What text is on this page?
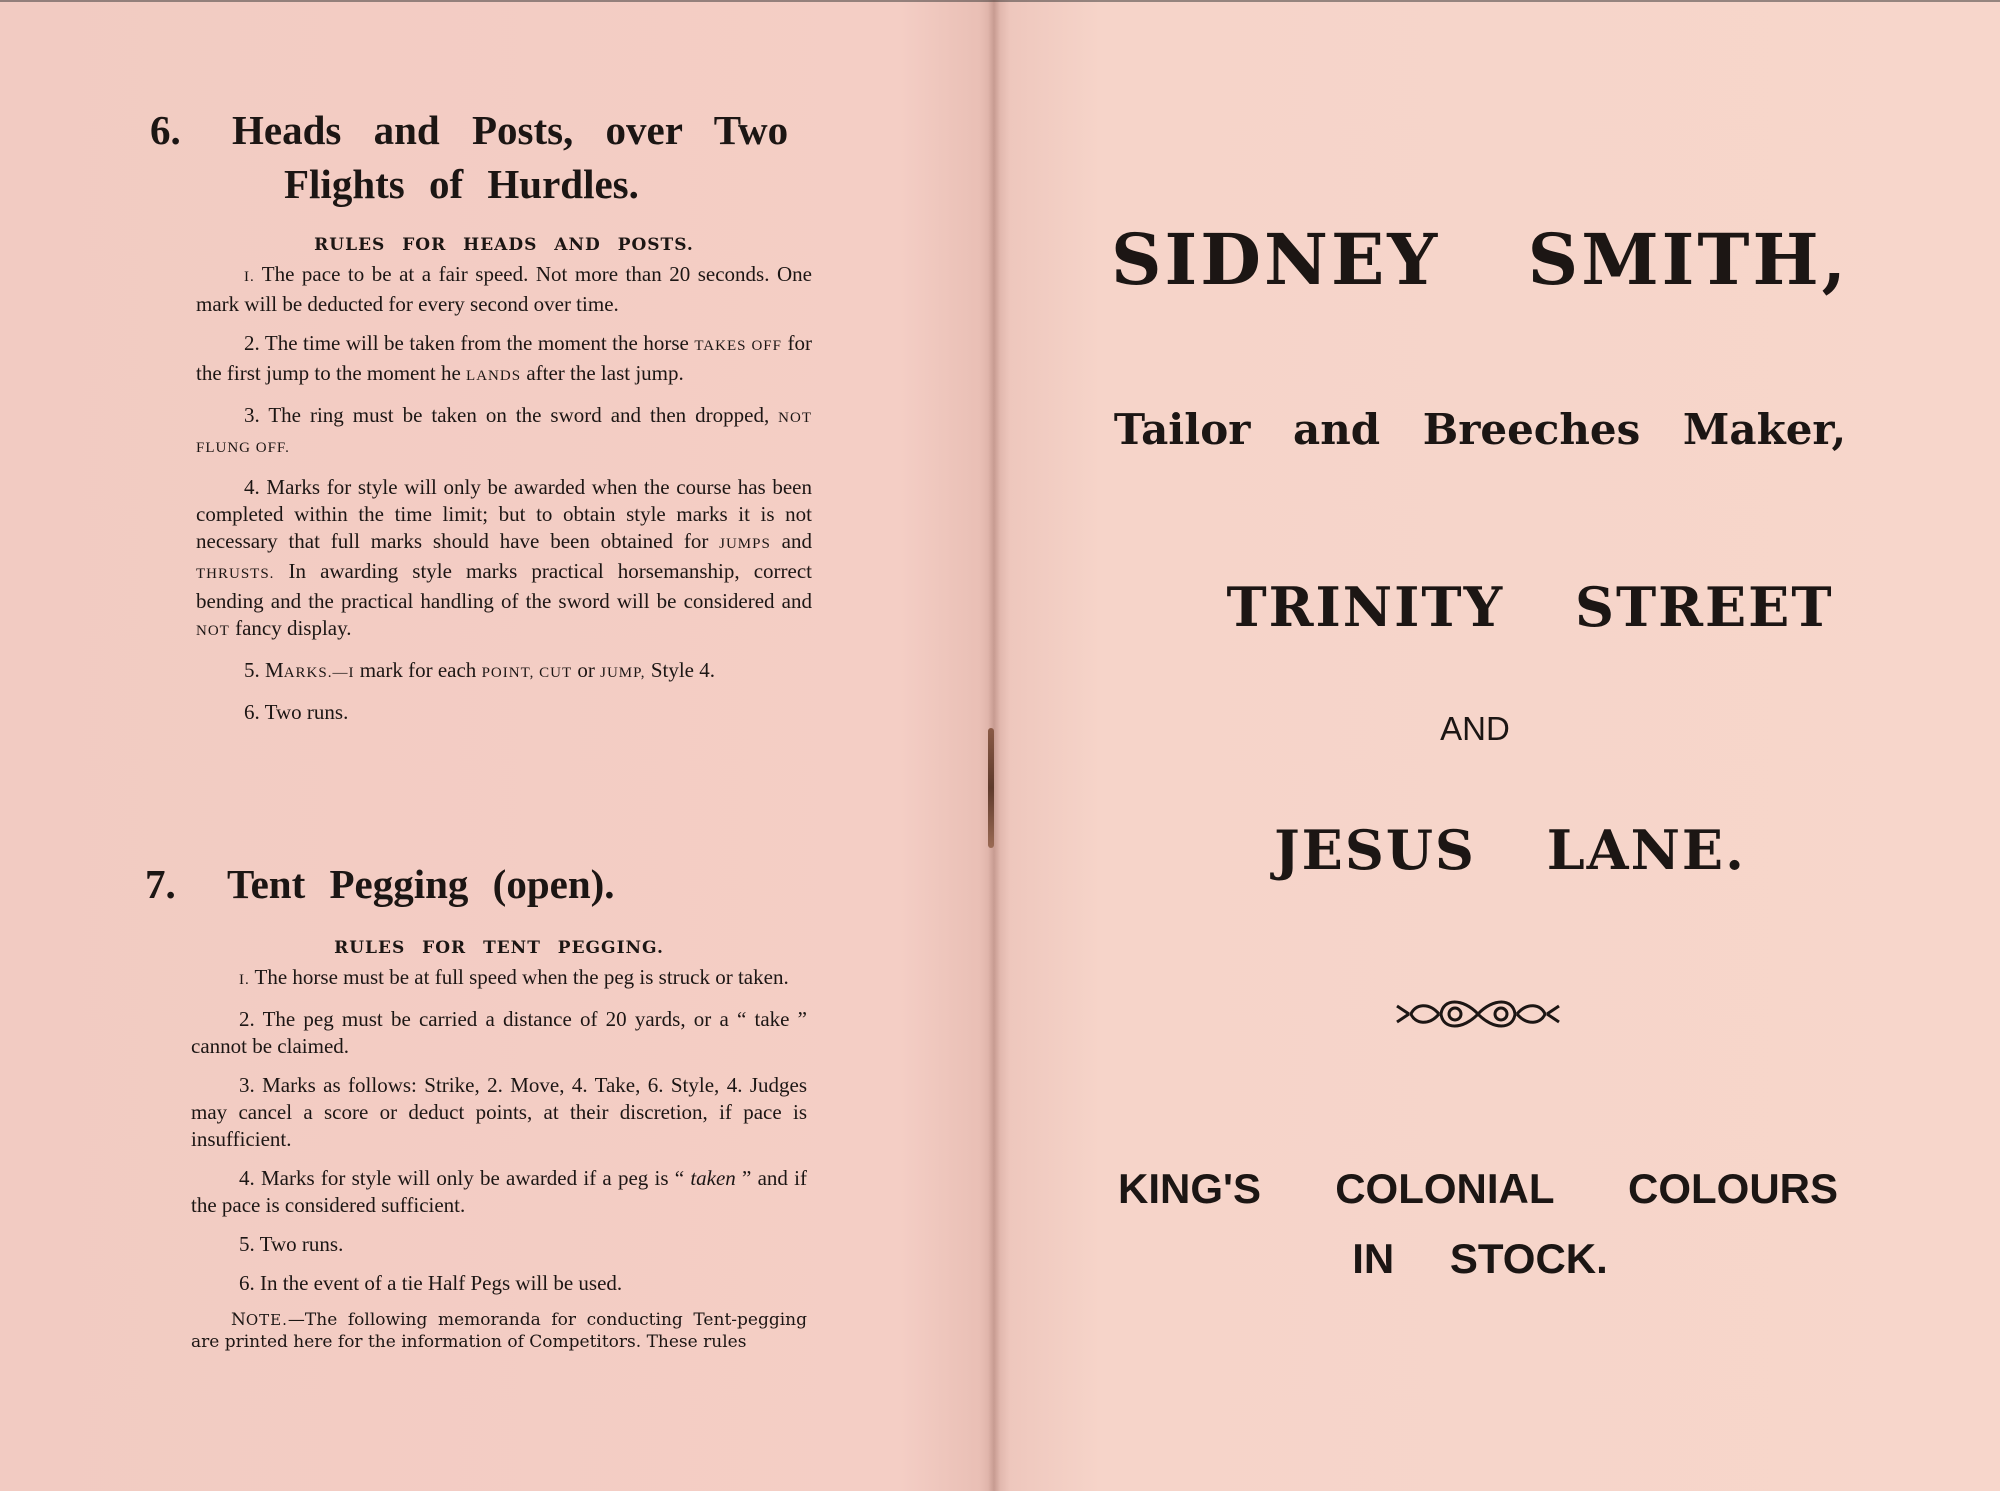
6. Heads and Posts, over Two
Flights of Hurdles.
RULES FOR HEADS AND POSTS.

I. The pace to be at a fair speed. Not more than 20 seconds. One mark will be deducted for every second over time.

2. The time will be taken from the moment the horse TAKES OFF for the first jump to the moment he LANDS after the last jump.

3. The ring must be taken on the sword and then dropped, NOT FLUNG OFF.

4. Marks for style will only be awarded when the course has been completed within the time limit; but to obtain style marks it is not necessary that full marks should have been obtained for JUMPS and THRUSTS. In awarding style marks practical horsemanship, correct bending and the practical handling of the sword will be considered and NOT fancy display.

5. MARKS.—I mark for each POINT, CUT or JUMP, Style 4.

6. Two runs.

7. Tent Pegging (open).
RULES FOR TENT PEGGING.

I. The horse must be at full speed when the peg is struck or taken.

2. The peg must be carried a distance of 20 yards, or a “ take ” cannot be claimed.

3. Marks as follows: Strike, 2. Move, 4. Take, 6. Style, 4. Judges may cancel a score or deduct points, at their discretion, if pace is insufficient.

4. Marks for style will only be awarded if a peg is “ taken ” and if the pace is considered sufficient.

5. Two runs.

6. In the event of a tie Half Pegs will be used.

NOTE.—The following memoranda for conducting Tent-pegging are printed here for the information of Competitors. These rules
SIDNEY SMITH,
Tailor and Breeches Maker,
TRINITY STREET
AND
JESUS LANE.
KING'S COLONIAL COLOURS
IN STOCK.
